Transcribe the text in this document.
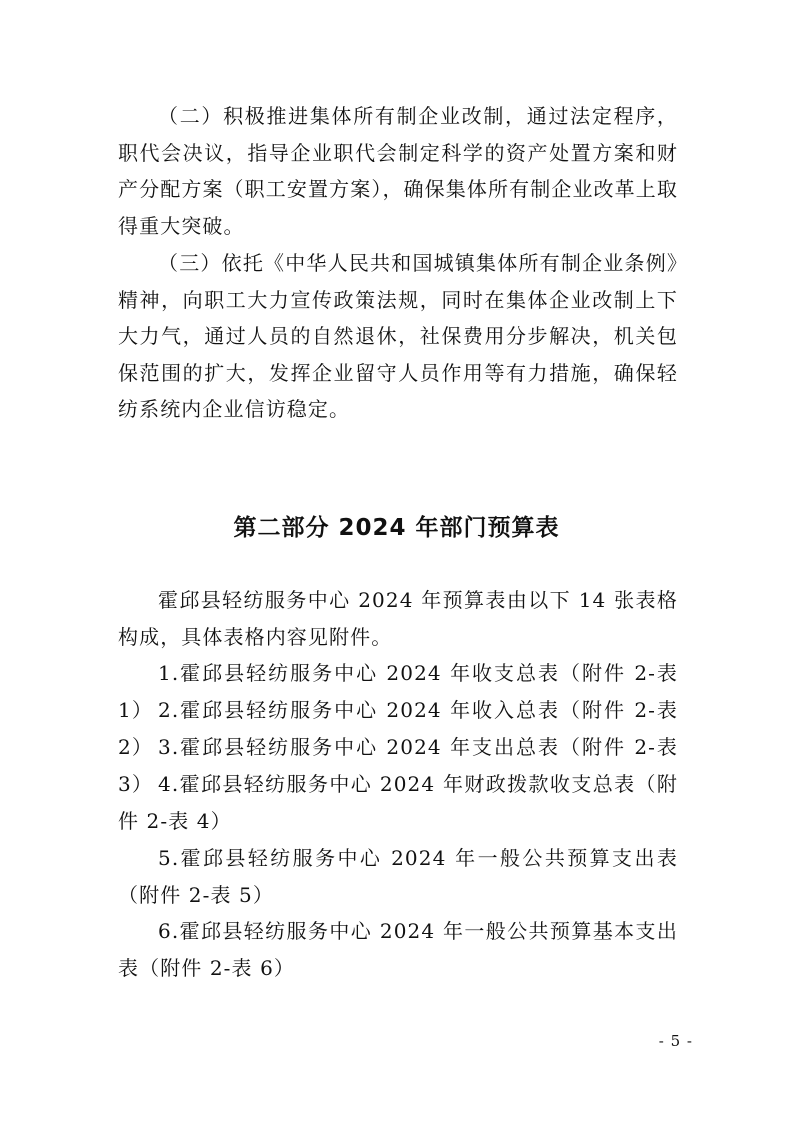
（二）积极推进集体所有制企业改制，通过法定程序，职代会决议，指导企业职代会制定科学的资产处置方案和财产分配方案（职工安置方案），确保集体所有制企业改革上取得重大突破。

（三）依托《中华人民共和国城镇集体所有制企业条例》精神，向职工大力宣传政策法规，同时在集体企业改制上下大力气，通过人员的自然退休，社保费用分步解决，机关包保范围的扩大，发挥企业留守人员作用等有力措施，确保轻纺系统内企业信访稳定。

第二部分 2024 年部门预算表

霍邱县轻纺服务中心 2024 年预算表由以下 14 张表格构成，具体表格内容见附件。

1.霍邱县轻纺服务中心 2024 年收支总表（附件 2-表 1） 2.霍邱县轻纺服务中心 2024 年收入总表（附件 2-表 2） 3.霍邱县轻纺服务中心 2024 年支出总表（附件 2-表 3） 4.霍邱县轻纺服务中心 2024 年财政拨款收支总表（附件 2-表 4）

5.霍邱县轻纺服务中心 2024 年一般公共预算支出表（附件 2-表 5）

6.霍邱县轻纺服务中心 2024 年一般公共预算基本支出表（附件 2-表 6）

- 5 -
